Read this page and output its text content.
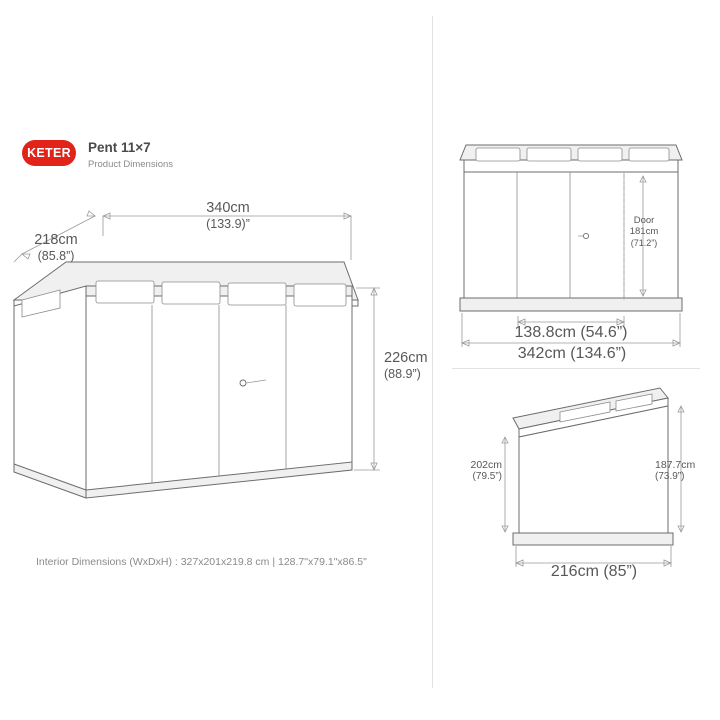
KETER	Pent 11×7
Product Dimensions
340cm
(133.9)”
218cm
(85.8”)
226cm
(88.9”)
Door
181cm
(71.2”)
138.8cm (54.6”)
342cm (134.6”)
202cm
(79.5”)
187.7cm
(73.9”)
216cm (85”)
Interior Dimensions (WxDxH) : 327x201x219.8 cm | 128.7"x79.1"x86.5"
